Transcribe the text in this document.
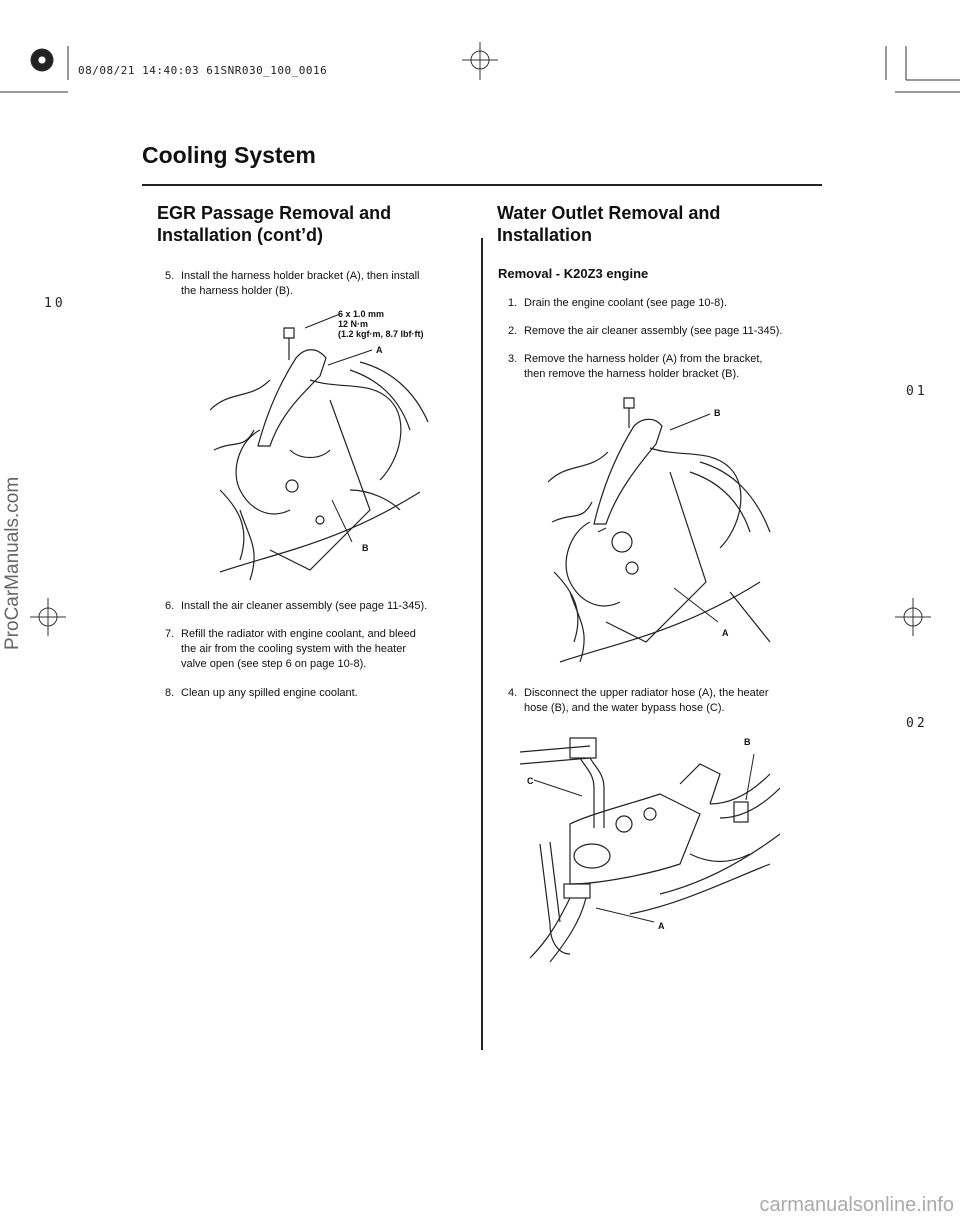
08/08/21 14:40:03 61SNR030_100_0016
Cooling System
EGR Passage Removal and
Installation (cont’d)
5. Install the harness holder bracket (A), then install
the harness holder (B).
6. Install the air cleaner assembly (see page 11-345).
7. Refill the radiator with engine coolant, and bleed
the air from the cooling system with the heater
valve open (see step 6 on page 10-8).
8. Clean up any spilled engine coolant.
6 x 1.0 mm
12 N·m
(1.2 kgf·m, 8.7 lbf·ft)
A
B
Water Outlet Removal and
Installation
Removal - K20Z3 engine
1. Drain the engine coolant (see page 10-8).
2. Remove the air cleaner assembly (see page 11-345).
3. Remove the harness holder (A) from the bracket,
then remove the harness holder bracket (B).
4. Disconnect the upper radiator hose (A), the heater
hose (B), and the water bypass hose (C).
B
A
B
C
A
10
01
02
ProCarManuals.com
carmanualsonline.info
